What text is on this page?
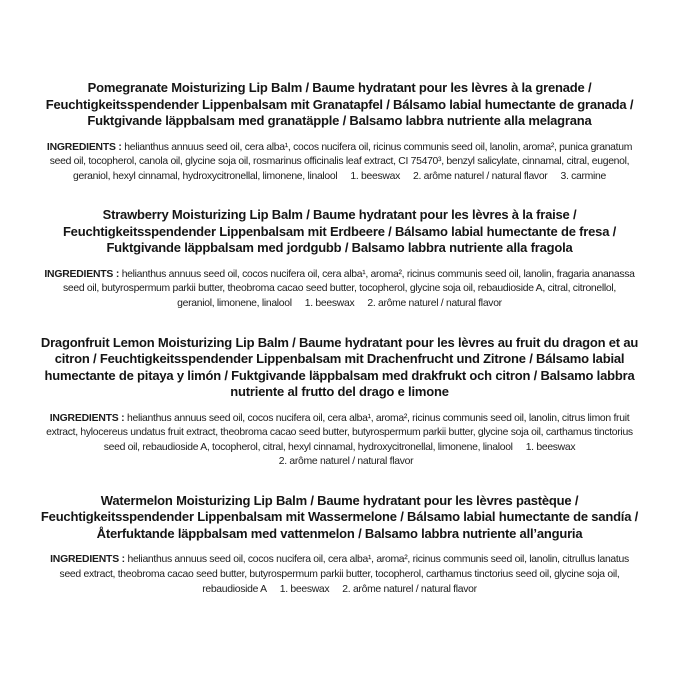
Pomegranate Moisturizing Lip Balm / Baume hydratant pour les lèvres à la grenade / Feuchtigkeitsspendender Lippenbalsam mit Granatapfel / Bálsamo labial humectante de granada / Fuktgivande läppbalsam med granatäpple / Balsamo labbra nutriente alla melagrana

INGREDIENTS : helianthus annuus seed oil, cera alba¹, cocos nucifera oil, ricinus communis seed oil, lanolin, aroma², punica granatum seed oil, tocopherol, canola oil, glycine soja oil, rosmarinus officinalis leaf extract, CI 75470³, benzyl salicylate, cinnamal, citral, eugenol, geraniol, hexyl cinnamal, hydroxycitronellal, limonene, linalool 1. beeswax 2. arôme naturel / natural flavor 3. carmine

Strawberry Moisturizing Lip Balm / Baume hydratant pour les lèvres à la fraise / Feuchtigkeitsspendender Lippenbalsam mit Erdbeere / Bálsamo labial humectante de fresa / Fuktgivande läppbalsam med jordgubb / Balsamo labbra nutriente alla fragola

INGREDIENTS : helianthus annuus seed oil, cocos nucifera oil, cera alba¹, aroma², ricinus communis seed oil, lanolin, fragaria ananassa seed oil, butyrospermum parkii butter, theobroma cacao seed butter, tocopherol, glycine soja oil, rebaudioside A, citral, citronellol, geraniol, limonene, linalool 1. beeswax 2. arôme naturel / natural flavor

Dragonfruit Lemon Moisturizing Lip Balm / Baume hydratant pour les lèvres au fruit du dragon et au citron / Feuchtigkeitsspendender Lippenbalsam mit Drachenfrucht und Zitrone / Bálsamo labial humectante de pitaya y limón / Fuktgivande läppbalsam med drakfrukt och citron / Balsamo labbra nutriente al frutto del drago e limone

INGREDIENTS : helianthus annuus seed oil, cocos nucifera oil, cera alba¹, aroma², ricinus communis seed oil, lanolin, citrus limon fruit extract, hylocereus undatus fruit extract, theobroma cacao seed butter, butyrospermum parkii butter, glycine soja oil, carthamus tinctorius seed oil, rebaudioside A, tocopherol, citral, hexyl cinnamal, hydroxycitronellal, limonene, linalool 1. beeswax2. arôme naturel / natural flavor

Watermelon Moisturizing Lip Balm / Baume hydratant pour les lèvres pastèque / Feuchtigkeitsspendender Lippenbalsam mit Wassermelone / Bálsamo labial humectante de sandía / Återfuktande läppbalsam med vattenmelon / Balsamo labbra nutriente all’anguria

INGREDIENTS : helianthus annuus seed oil, cocos nucifera oil, cera alba¹, aroma², ricinus communis seed oil, lanolin, citrullus lanatus seed extract, theobroma cacao seed butter, butyrospermum parkii butter, tocopherol, carthamus tinctorius seed oil, glycine soja oil, rebaudioside A 1. beeswax 2. arôme naturel / natural flavor
